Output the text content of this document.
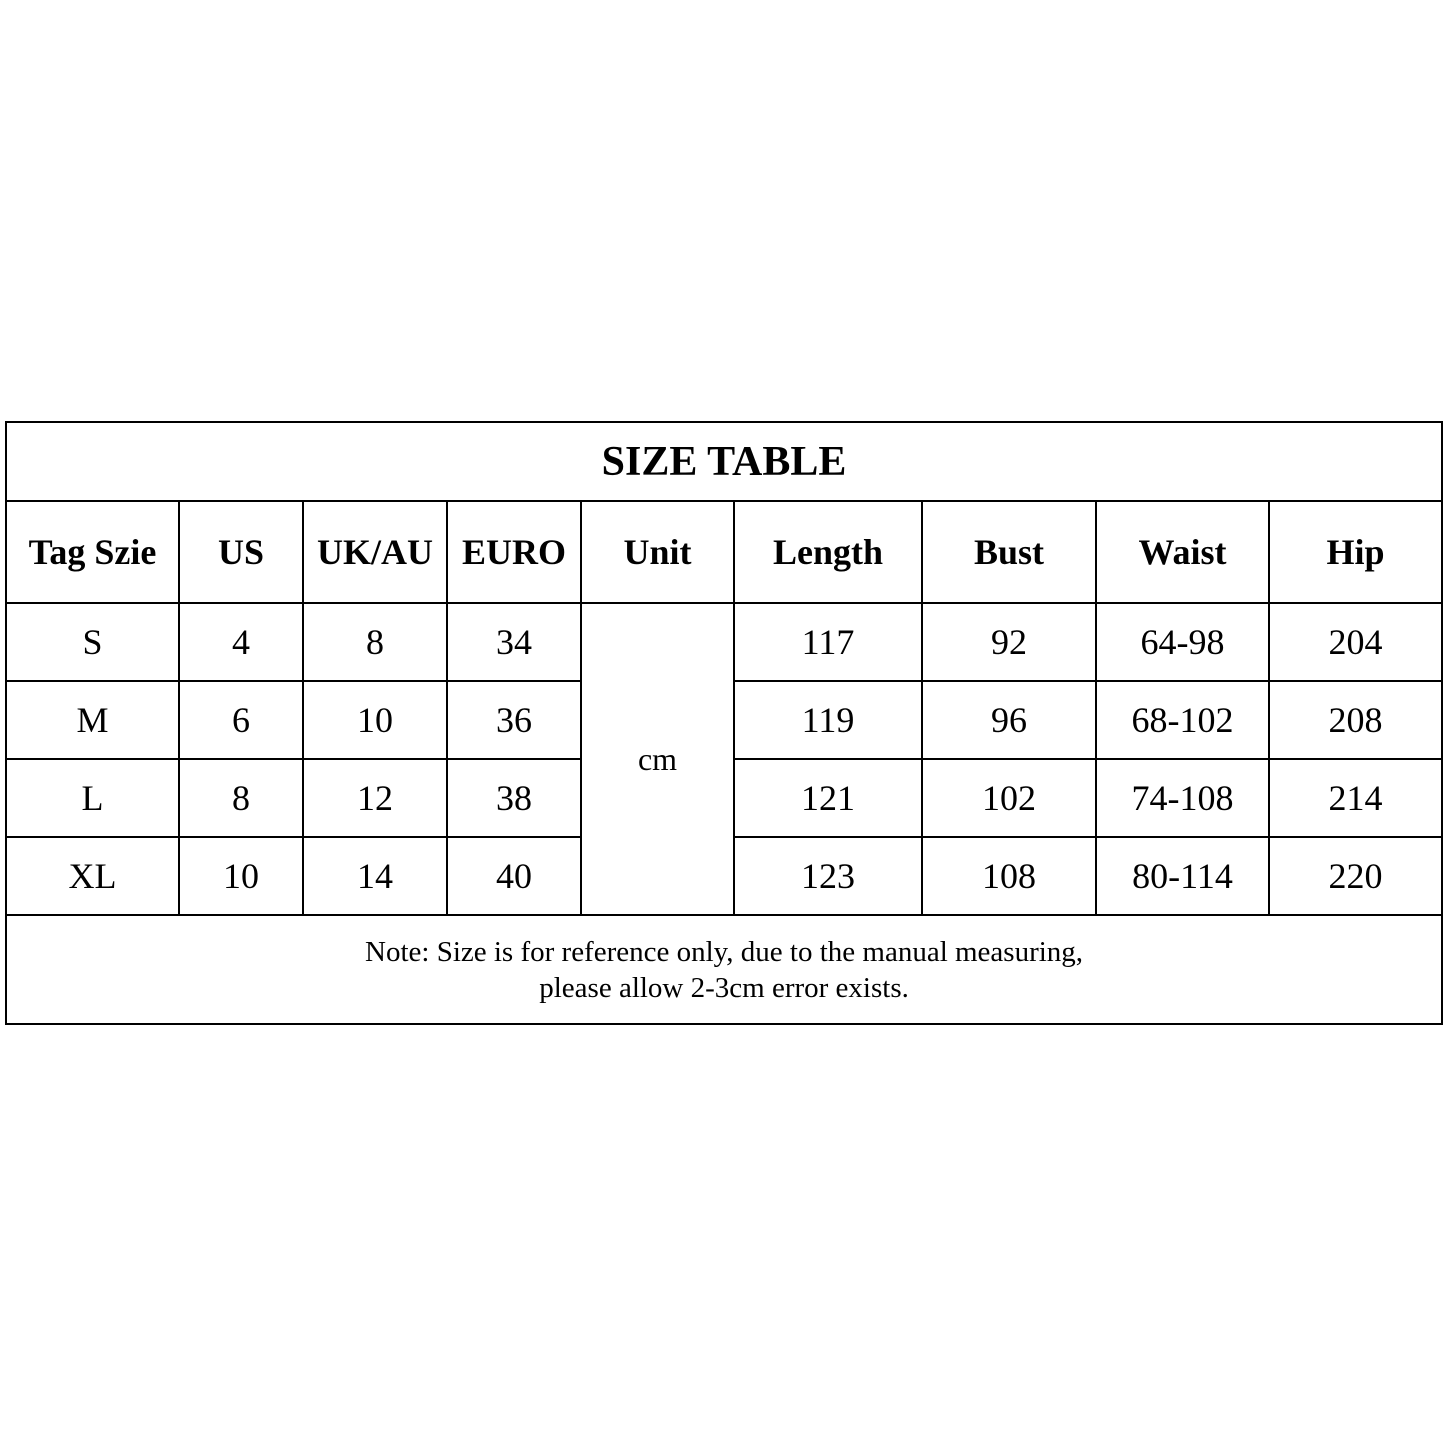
SIZE TABLE								
Tag Szie	US	UK/AU	EURO	Unit	Length	Bust	Waist	Hip
S	4	8	34	cm	117	92	64-98	204
M	6	10	36		119	96	68-102	208
L	8	12	38		121	102	74-108	214
XL	10	14	40		123	108	80-114	220

Note: Size is for reference only, due to the manual measuring,
please allow 2-3cm error exists.								
